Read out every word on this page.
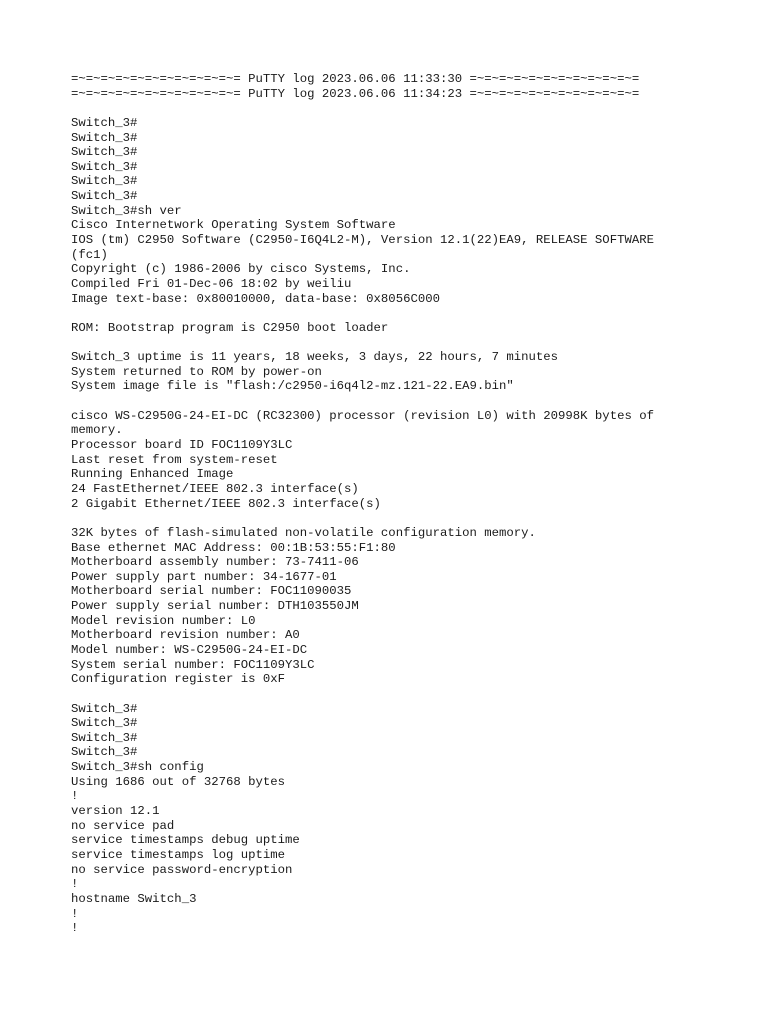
=~=~=~=~=~=~=~=~=~=~=~= PuTTY log 2023.06.06 11:33:30 =~=~=~=~=~=~=~=~=~=~=~=
=~=~=~=~=~=~=~=~=~=~=~= PuTTY log 2023.06.06 11:34:23 =~=~=~=~=~=~=~=~=~=~=~=
Switch_3#
Switch_3#
Switch_3#
Switch_3#
Switch_3#
Switch_3#
Switch_3#sh ver
Cisco Internetwork Operating System Software
IOS (tm) C2950 Software (C2950-I6Q4L2-M), Version 12.1(22)EA9, RELEASE SOFTWARE
(fc1)
Copyright (c) 1986-2006 by cisco Systems, Inc.
Compiled Fri 01-Dec-06 18:02 by weiliu
Image text-base: 0x80010000, data-base: 0x8056C000
ROM: Bootstrap program is C2950 boot loader
Switch_3 uptime is 11 years, 18 weeks, 3 days, 22 hours, 7 minutes
System returned to ROM by power-on
System image file is "flash:/c2950-i6q4l2-mz.121-22.EA9.bin"
cisco WS-C2950G-24-EI-DC (RC32300) processor (revision L0) with 20998K bytes of
memory.
Processor board ID FOC1109Y3LC
Last reset from system-reset
Running Enhanced Image
24 FastEthernet/IEEE 802.3 interface(s)
2 Gigabit Ethernet/IEEE 802.3 interface(s)
32K bytes of flash-simulated non-volatile configuration memory.
Base ethernet MAC Address: 00:1B:53:55:F1:80
Motherboard assembly number: 73-7411-06
Power supply part number: 34-1677-01
Motherboard serial number: FOC11090035
Power supply serial number: DTH103550JM
Model revision number: L0
Motherboard revision number: A0
Model number: WS-C2950G-24-EI-DC
System serial number: FOC1109Y3LC
Configuration register is 0xF
Switch_3#
Switch_3#
Switch_3#
Switch_3#
Switch_3#sh config
Using 1686 out of 32768 bytes
!
version 12.1
no service pad
service timestamps debug uptime
service timestamps log uptime
no service password-encryption
!
hostname Switch_3
!
!
